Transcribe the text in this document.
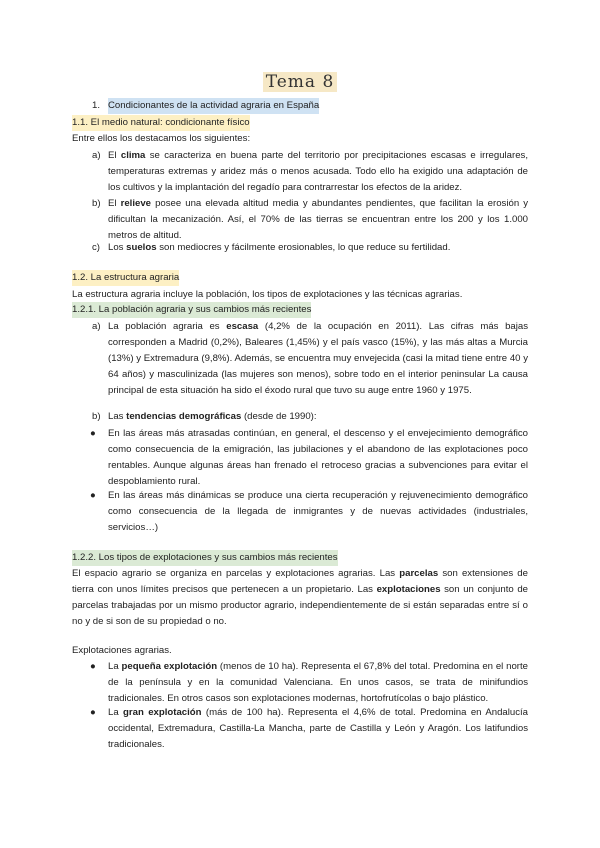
Tema 8
1. Condicionantes de la actividad agraria en España
1.1. El medio natural: condicionante físico
Entre ellos los destacamos los siguientes:
a) El clima se caracteriza en buena parte del territorio por precipitaciones escasas e irregulares, temperaturas extremas y aridez más o menos acusada. Todo ello ha exigido una adaptación de los cultivos y la implantación del regadío para contrarrestar los efectos de la aridez.
b) El relieve posee una elevada altitud media y abundantes pendientes, que facilitan la erosión y dificultan la mecanización. Así, el 70% de las tierras se encuentran entre los 200 y los 1.000 metros de altitud.
c) Los suelos son mediocres y fácilmente erosionables, lo que reduce su fertilidad.
1.2. La estructura agraria
La estructura agraria incluye la población, los tipos de explotaciones y las técnicas agrarias.
1.2.1. La población agraria y sus cambios más recientes
a) La población agraria es escasa (4,2% de la ocupación en 2011). Las cifras más bajas corresponden a Madrid (0,2%), Baleares (1,45%) y el país vasco (15%), y las más altas a Murcia (13%) y Extremadura (9,8%). Además, se encuentra muy envejecida (casi la mitad tiene entre 40 y 64 años) y masculinizada (las mujeres son menos), sobre todo en el interior peninsular La causa principal de esta situación ha sido el éxodo rural que tuvo su auge entre 1960 y 1975.
b) Las tendencias demográficas (desde de 1990):
● En las áreas más atrasadas continúan, en general, el descenso y el envejecimiento demográfico como consecuencia de la emigración, las jubilaciones y el abandono de las explotaciones poco rentables. Aunque algunas áreas han frenado el retroceso gracias a subvenciones para evitar el despoblamiento rural.
● En las áreas más dinámicas se produce una cierta recuperación y rejuvenecimiento demográfico como consecuencia de la llegada de inmigrantes y de nuevas actividades (industriales, servicios…)
1.2.2. Los tipos de explotaciones y sus cambios más recientes
El espacio agrario se organiza en parcelas y explotaciones agrarias. Las parcelas son extensiones de tierra con unos límites precisos que pertenecen a un propietario. Las explotaciones son un conjunto de parcelas trabajadas por un mismo productor agrario, independientemente de si están separadas entre sí o no y de si son de su propiedad o no.
Explotaciones agrarias.
● La pequeña explotación (menos de 10 ha). Representa el 67,8% del total. Predomina en el norte de la península y en la comunidad Valenciana. En unos casos, se trata de minifundios tradicionales. En otros casos son explotaciones modernas, hortofrutícolas o bajo plástico.
● La gran explotación (más de 100 ha). Representa el 4,6% de total. Predomina en Andalucía occidental, Extremadura, Castilla-La Mancha, parte de Castilla y León y Aragón. Los latifundios tradicionales.
